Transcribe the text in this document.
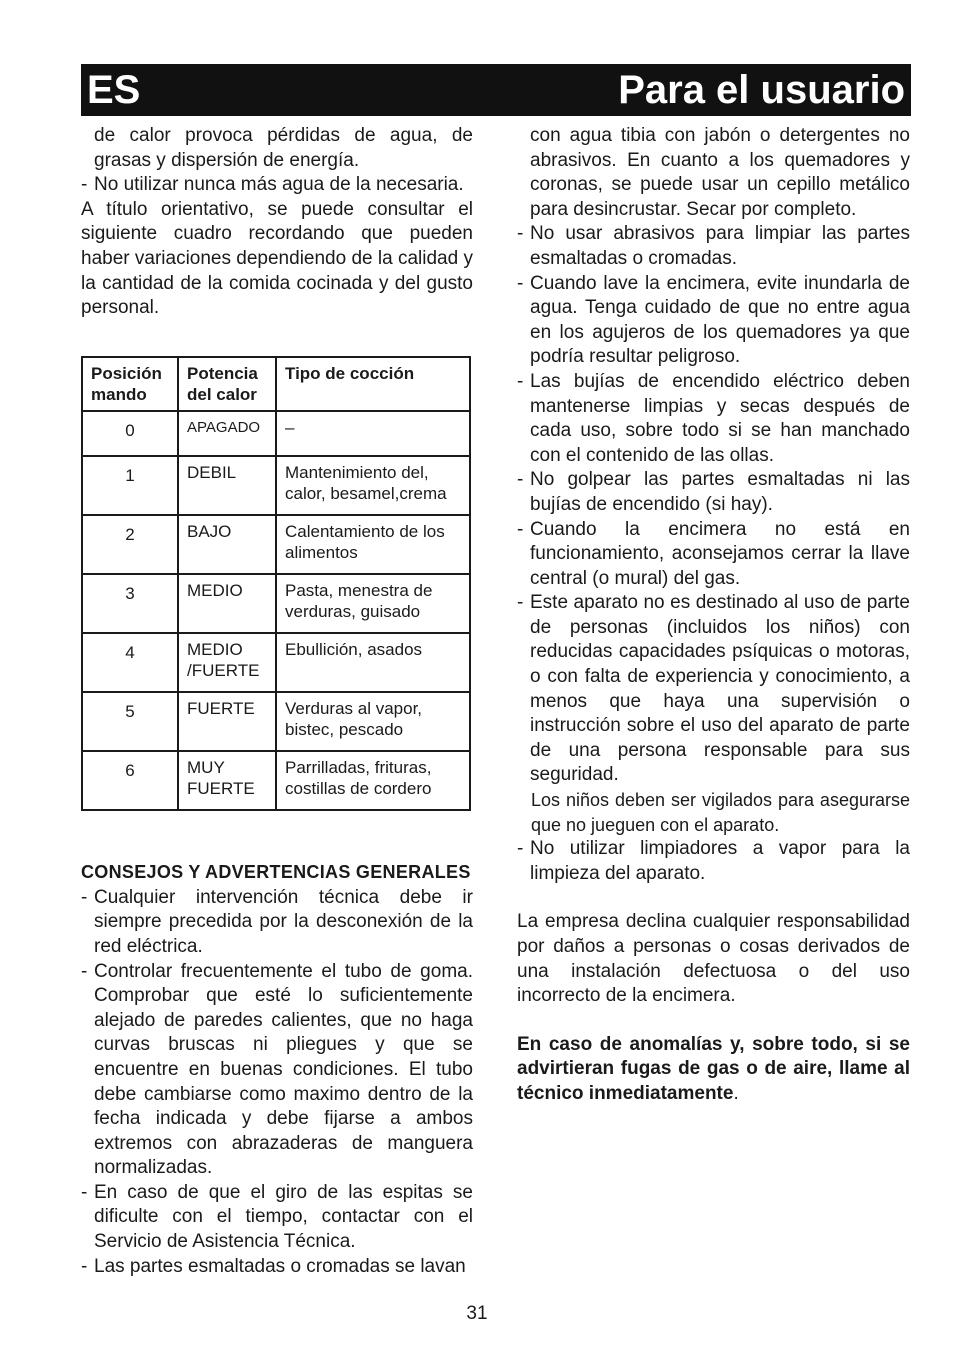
ES	Para el usuario

de calor provoca pérdidas de agua, de grasas y dispersión de energía.

- No utilizar nunca más agua de la necesaria.

A título orientativo, se puede consultar el siguiente cuadro recordando que pueden haber variaciones dependiendo de la calidad y la cantidad de la comida cocinada y del gusto personal.

Posición mando	Potencia del calor	Tipo de cocción
0	APAGADO	–
1	DEBIL	Mantenimiento del, calor, besamel,crema
2	BAJO	Calentamiento de los alimentos
3	MEDIO	Pasta, menestra de verduras, guisado
4	MEDIO /FUERTE	Ebullición, asados
5	FUERTE	Verduras al vapor, bistec, pescado
6	MUY FUERTE	Parrilladas, frituras, costillas de cordero
CONSEJOS Y ADVERTENCIAS GENERALES

- Cualquier intervención técnica debe ir siempre precedida por la desconexión de la red eléctrica.

- Controlar frecuentemente el tubo de goma. Comprobar que esté lo suficientemente alejado de paredes calientes, que no haga curvas bruscas ni pliegues y que se encuentre en buenas condiciones. El tubo debe cambiarse como maximo dentro de la fecha indicada y debe fijarse a ambos extremos con abrazaderas de manguera normalizadas.

- En caso de que el giro de las espitas se dificulte con el tiempo, contactar con el Servicio de Asistencia Técnica.

- Las partes esmaltadas o cromadas se lavan

con agua tibia con jabón o detergentes no abrasivos. En cuanto a los quemadores y coronas, se puede usar un cepillo metálico para desincrustar. Secar por completo.

- No usar abrasivos para limpiar las partes esmaltadas o cromadas.

- Cuando lave la encimera, evite inundarla de agua. Tenga cuidado de que no entre agua en los agujeros de los quemadores ya que podría resultar peligroso.

- Las bujías de encendido eléctrico deben mantenerse limpias y secas después de cada uso, sobre todo si se han manchado con el contenido de las ollas.

- No golpear las partes esmaltadas ni las bujías de encendido (si hay).

- Cuando la encimera no está en funcionamiento, aconsejamos cerrar la llave central (o mural) del gas.

- Este aparato no es destinado al uso de parte de personas (incluidos los niños) con reducidas capacidades psíquicas o motoras, o con falta de experiencia y conocimiento, a menos que haya una supervisión o instrucción sobre el uso del aparato de parte de una persona responsable para sus seguridad.

Los niños deben ser vigilados para asegurarse que no jueguen con el aparato.

- No utilizar limpiadores a vapor para la limpieza del aparato.

La empresa declina cualquier responsabilidad por daños a personas o cosas derivados de una instalación defectuosa o del uso incorrecto de la encimera.

En caso de anomalías y, sobre todo, si se advirtieran fugas de gas o de aire, llame al técnico inmediatamente.

31
